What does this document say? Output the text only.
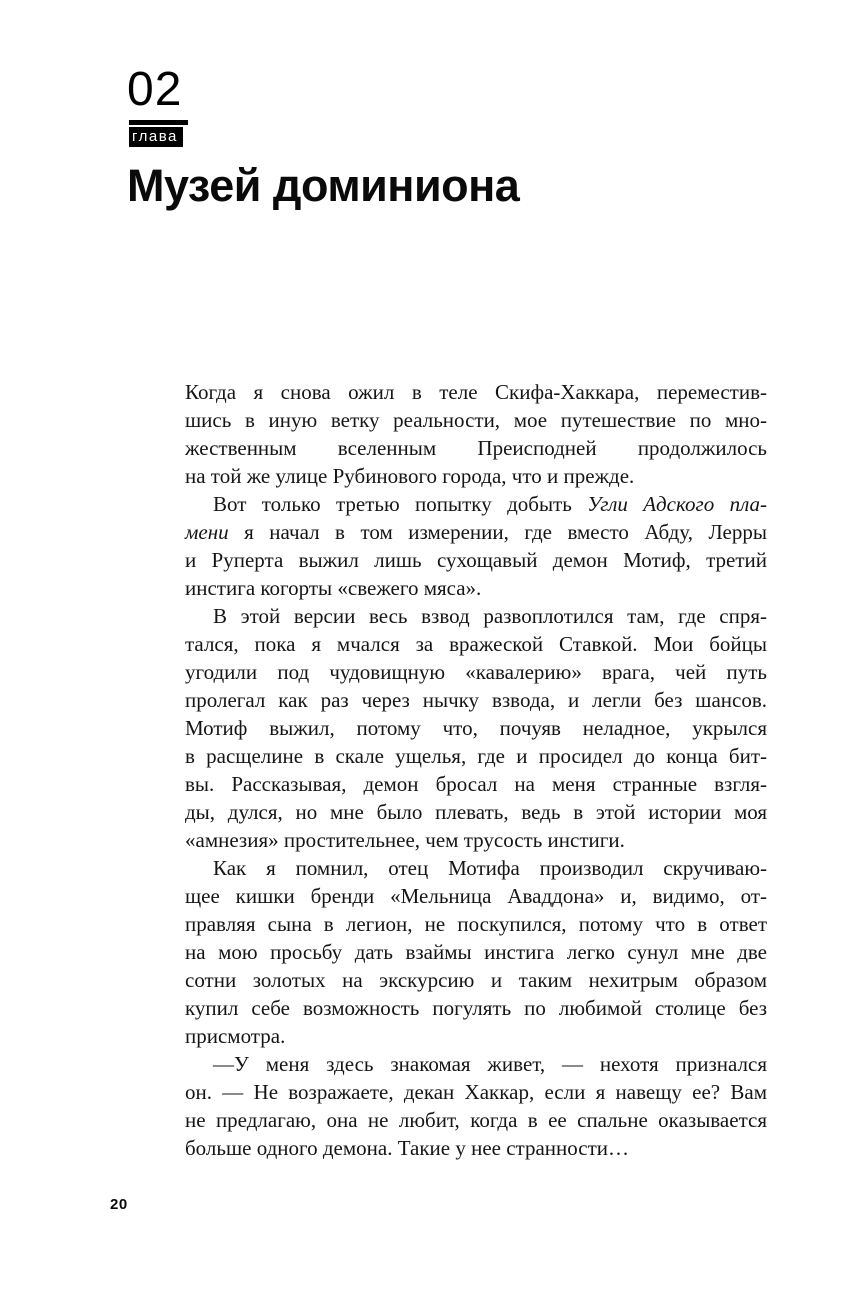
02
глава
Музей доминиона
Когда я снова ожил в теле Скифа-Хаккара, переместив-
шись в иную ветку реальности, мое путешествие по мно-
жественным вселенным Преисподней продолжилось
на той же улице Рубинового города, что и прежде.
Вот только третью попытку добыть Угли Адского пла-
мени я начал в том измерении, где вместо Абду, Лерры
и Руперта выжил лишь сухощавый демон Мотиф, третий
инстига когорты «свежего мяса».
В этой версии весь взвод развоплотился там, где спря-
тался, пока я мчался за вражеской Ставкой. Мои бойцы
угодили под чудовищную «кавалерию» врага, чей путь
пролегал как раз через нычку взвода, и легли без шансов.
Мотиф выжил, потому что, почуяв неладное, укрылся
в расщелине в скале ущелья, где и просидел до конца бит-
вы. Рассказывая, демон бросал на меня странные взгля-
ды, дулся, но мне было плевать, ведь в этой истории моя
«амнезия» простительнее, чем трусость инстиги.
Как я помнил, отец Мотифа производил скручиваю-
щее кишки бренди «Мельница Аваддона» и, видимо, от-
правляя сына в легион, не поскупился, потому что в ответ
на мою просьбу дать взаймы инстига легко сунул мне две
сотни золотых на экскурсию и таким нехитрым образом
купил себе возможность погулять по любимой столице без
присмотра.
—У меня здесь знакомая живет, — нехотя признался
он. — Не возражаете, декан Хаккар, если я навещу ее? Вам
не предлагаю, она не любит, когда в ее спальне оказывается
больше одного демона. Такие у нее странности…
20
